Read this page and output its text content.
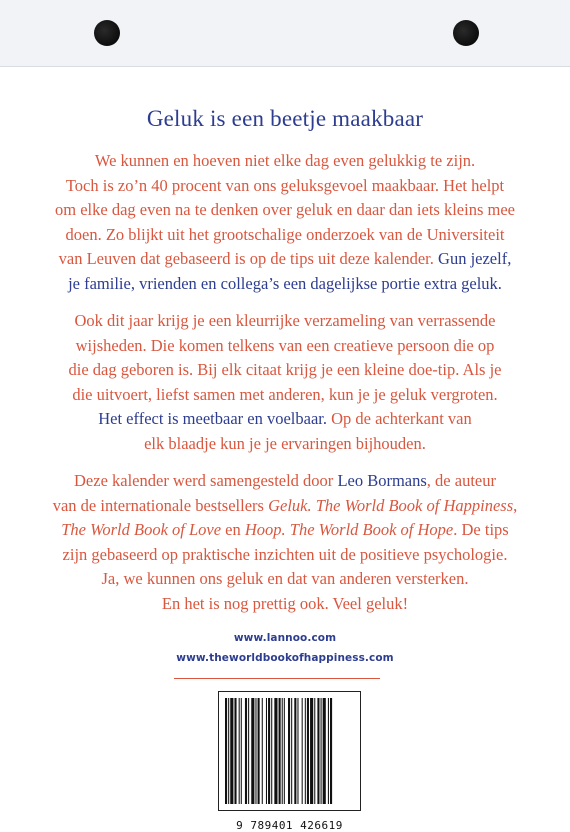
Geluk is een beetje maakbaar
We kunnen en hoeven niet elke dag even gelukkig te zijn.
Toch is zo’n 40 procent van ons geluksgevoel maakbaar. Het helpt
om elke dag even na te denken over geluk en daar dan iets kleins mee
doen. Zo blijkt uit het grootschalige onderzoek van de Universiteit
van Leuven dat gebaseerd is op de tips uit deze kalender. Gun jezelf,
je familie, vrienden en collega’s een dagelijkse portie extra geluk.
Ook dit jaar krijg je een kleurrijke verzameling van verrassende
wijsheden. Die komen telkens van een creatieve persoon die op
die dag geboren is. Bij elk citaat krijg je een kleine doe-tip. Als je
die uitvoert, liefst samen met anderen, kun je je geluk vergroten.
Het effect is meetbaar en voelbaar. Op de achterkant van
elk blaadje kun je je ervaringen bijhouden.
Deze kalender werd samengesteld door Leo Bormans, de auteur
van de internationale bestsellers Geluk. The World Book of Happiness,
The World Book of Love en Hoop. The World Book of Hope. De tips
zijn gebaseerd op praktische inzichten uit de positieve psychologie.
Ja, we kunnen ons geluk en dat van anderen versterken.
En het is nog prettig ook. Veel geluk!
www.lannoo.com
www.theworldbookofhappiness.com
9 789401 426619
